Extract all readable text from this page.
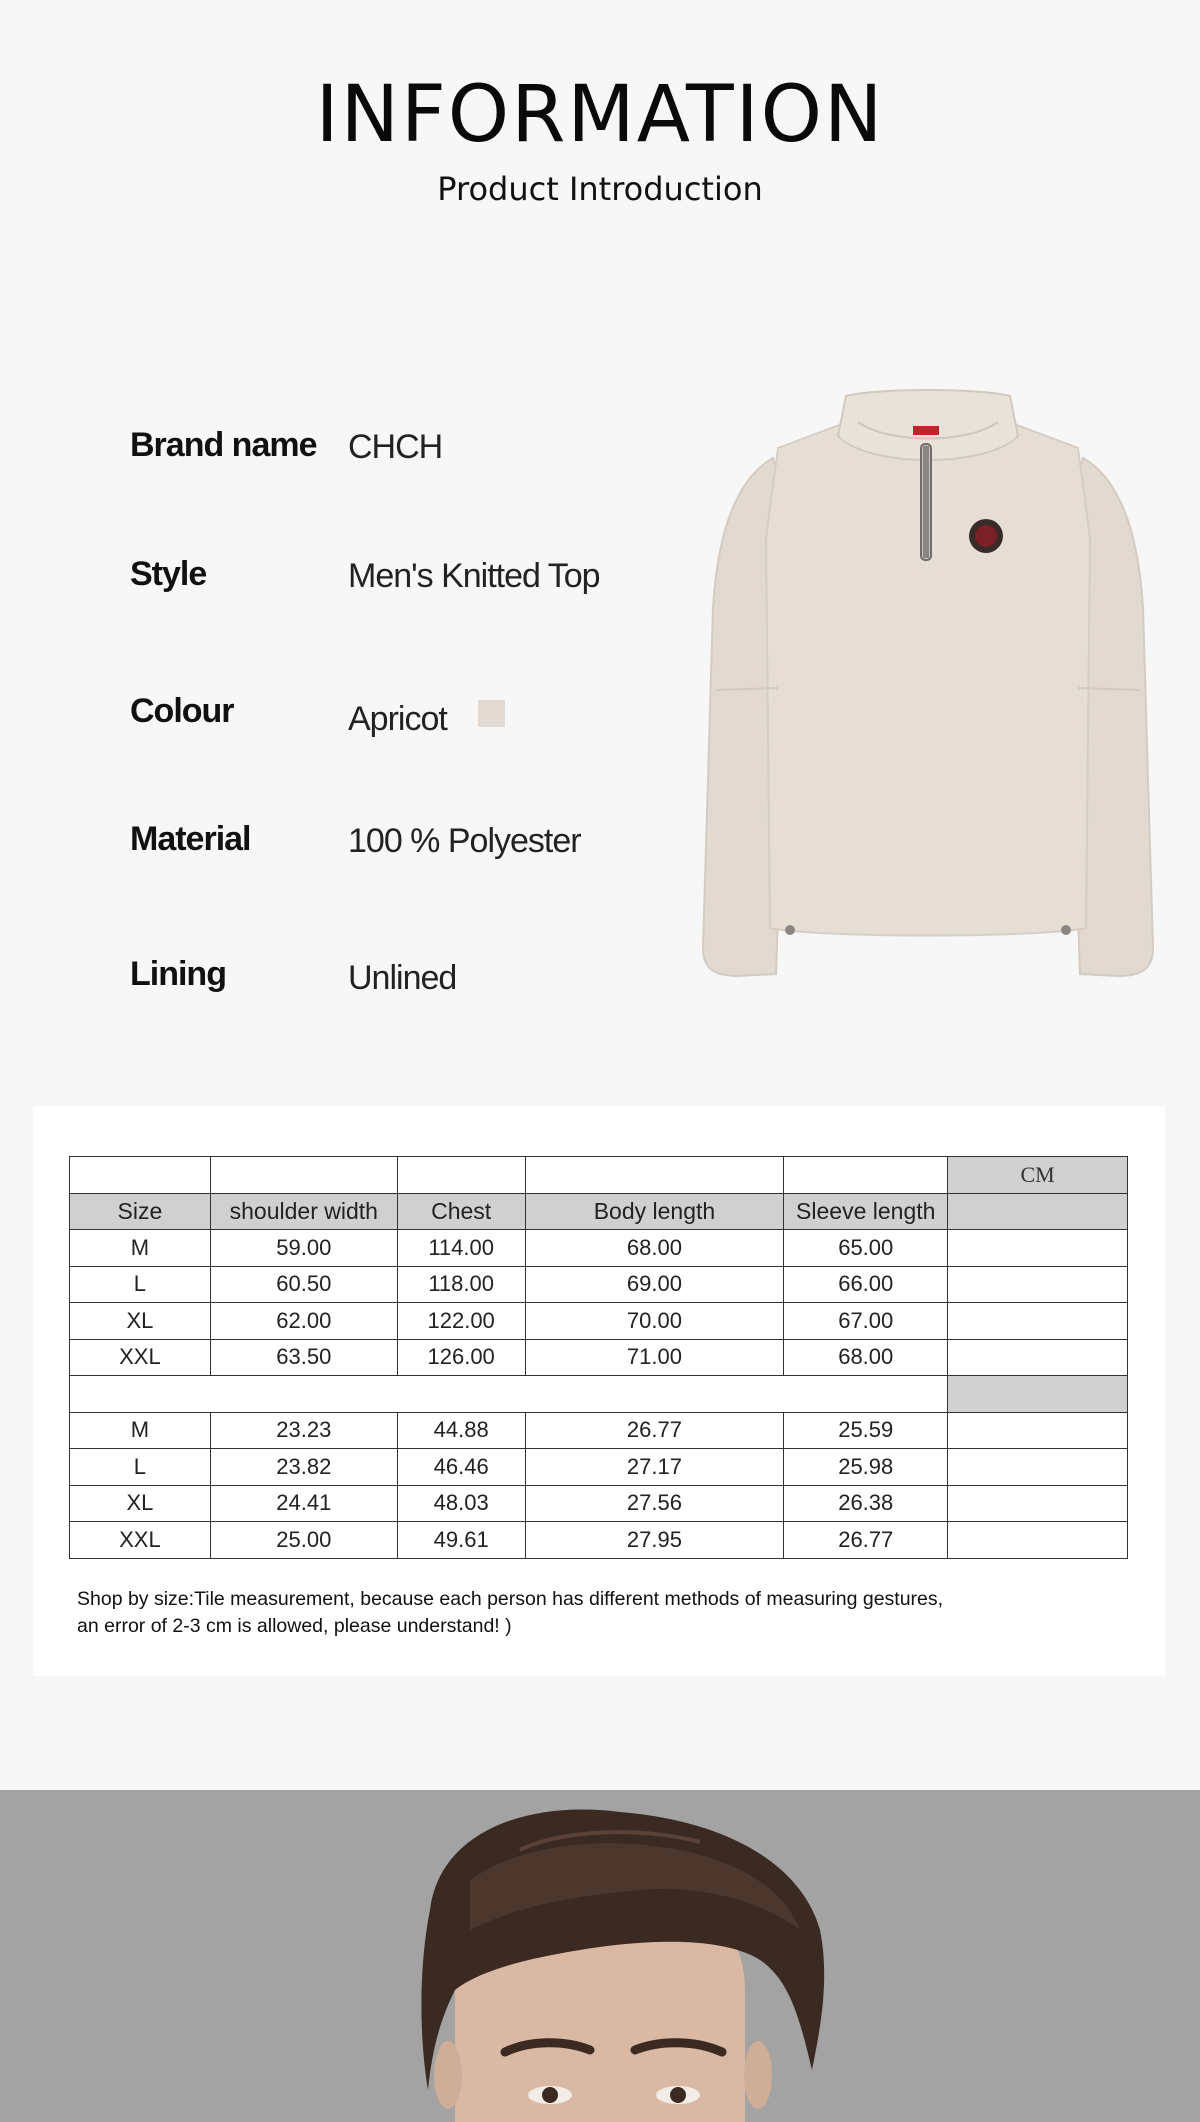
INFORMATION
Product Introduction
Brand name CHCH
Style	Men's Knitted Top
Colour	Apricot
Material	100 % Polyester
Lining	Unlined
					CM
Size	shoulder width	Chest	Body length	Sleeve length	
M	59.00	114.00	68.00	65.00	
L	60.50	118.00	69.00	66.00	
XL	62.00	122.00	70.00	67.00	
XXL	63.50	126.00	71.00	68.00	

M	23.23	44.88	26.77	25.59	
L	23.82	46.46	27.17	25.98	
XL	24.41	48.03	27.56	26.38	
XXL	25.00	49.61	27.95	26.77	
Shop by size:Tile measurement, because each person has different methods of measuring gestures,
an error of 2-3 cm is allowed, please understand! )
